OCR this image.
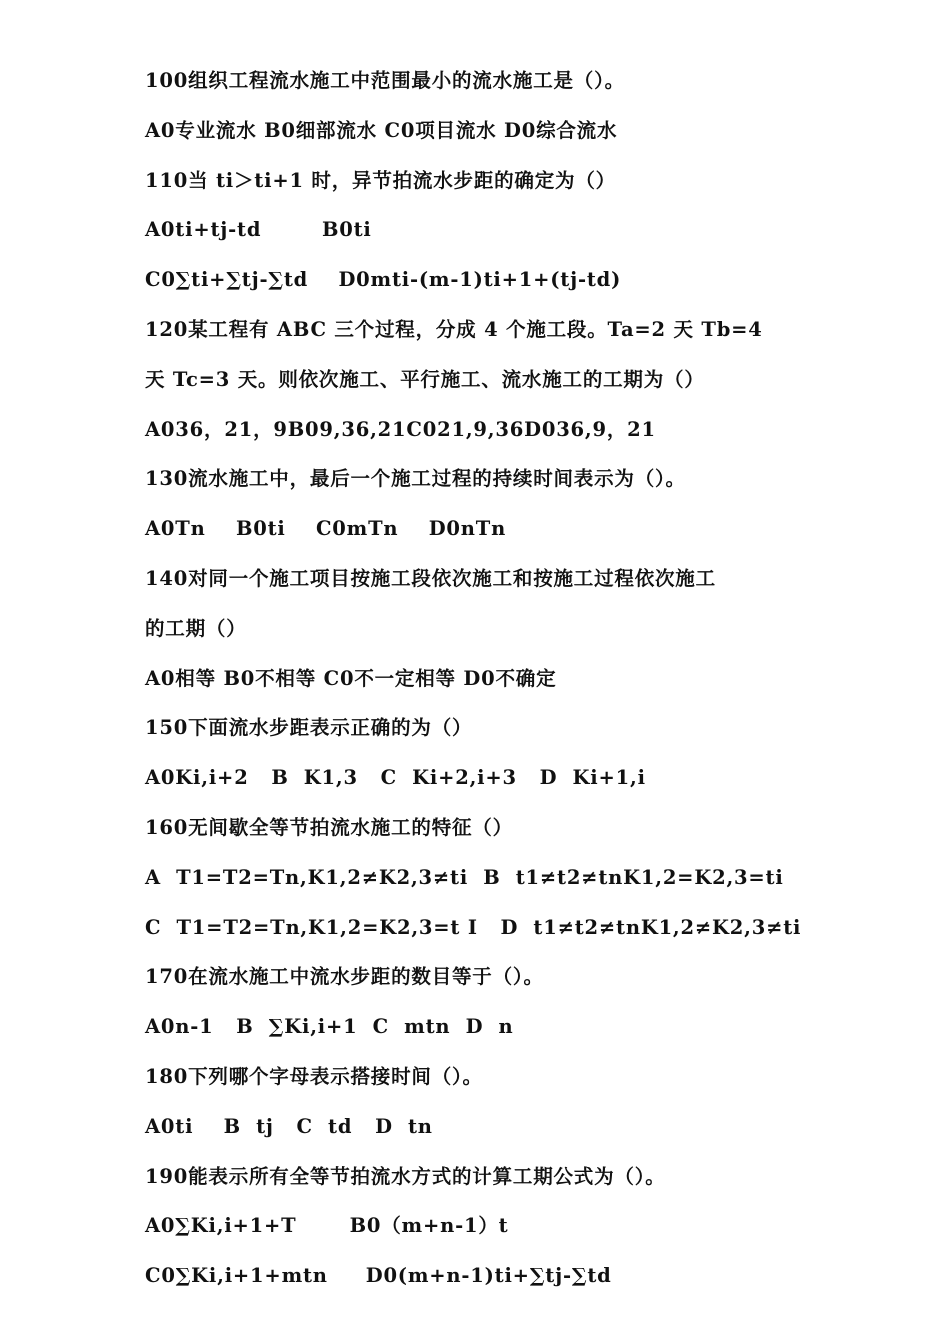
100组织工程流水施工中范围最小的流水施工是（）。
A0专业流水 B0细部流水 C0项目流水 D0综合流水
110当 ti＞ti+1 时，异节拍流水步距的确定为（）
A0ti+tj-td        B0ti
C0∑ti+∑tj-∑td    D0mti-(m-1)ti+1+(tj-td)
120某工程有 ABC 三个过程，分成 4 个施工段。Ta=2 天 Tb=4
天 Tc=3 天。则依次施工、平行施工、流水施工的工期为（）
A036，21，9B09,36,21C021,9,36D036,9，21
130流水施工中，最后一个施工过程的持续时间表示为（）。
A0Tn    B0ti    C0mTn    D0nTn
140对同一个施工项目按施工段依次施工和按施工过程依次施工
的工期（）
A0相等 B0不相等 C0不一定相等 D0不确定
150下面流水步距表示正确的为（）
A0Ki,i+2   B  K1,3   C  Ki+2,i+3   D  Ki+1,i
160无间歇全等节拍流水施工的特征（）
A  T1=T2=Tn,K1,2≠K2,3≠ti  B  t1≠t2≠tnK1,2=K2,3=ti
C  T1=T2=Tn,K1,2=K2,3=t I   D  t1≠t2≠tnK1,2≠K2,3≠ti
170在流水施工中流水步距的数目等于（）。
A0n-1   B  ∑Ki,i+1  C  mtn  D  n
180下列哪个字母表示搭接时间（）。
A0ti    B  tj   C  td   D  tn
190能表示所有全等节拍流水方式的计算工期公式为（）。
A0∑Ki,i+1+T       B0（m+n-1）t
C0∑Ki,i+1+mtn     D0(m+n-1)ti+∑tj-∑td
